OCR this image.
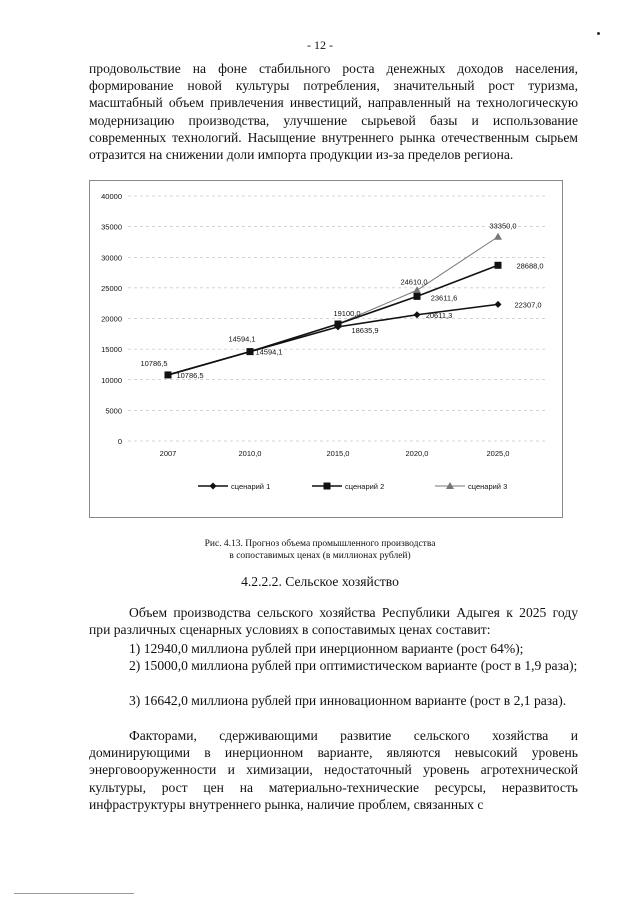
- 12 -

продовольствие на фоне стабильного роста денежных доходов населения, формирование новой культуры потребления, значительный рост туризма, масштабный объем привлечения инвестиций, направленный на технологическую модернизацию производства, улучшение сырьевой базы и использование современных технологий. Насыщение внутреннего рынка отечественным сырьем отразится на снижении доли импорта продукции из-за пределов региона.

0
5000
10000
15000
20000
25000
30000
35000
40000
2007	2010,0	2015,0	2020,0	2025,0
10786,5
10786,5
14594,1
14594,1
19100,0
18635,9
24610,0
23611,6
20611,3
33350,0
28688,0
22307,0
сценарий 1	сценарий 2	сценарий 3
Рис. 4.13. Прогноз объема промышленного производства
в сопоставимых ценах (в миллионах рублей)
4.2.2.2. Сельское хозяйство

Объем производства сельского хозяйства Республики Адыгея к 2025 году при различных сценарных условиях в сопоставимых ценах составит:

1) 12940,0 миллиона рублей при инерционном варианте (рост 64%);

2) 15000,0 миллиона рублей при оптимистическом варианте (рост в 1,9 раза);

3) 16642,0 миллиона рублей при инновационном варианте (рост в 2,1 раза).

Факторами, сдерживающими развитие сельского хозяйства и доминирующими в инерционном варианте, являются невысокий уровень энерговооруженности и химизации, недостаточный уровень агротехнической культуры, рост цен на материально-технические ресурсы, неразвитость инфраструктуры внутреннего рынка, наличие проблем, связанных с
